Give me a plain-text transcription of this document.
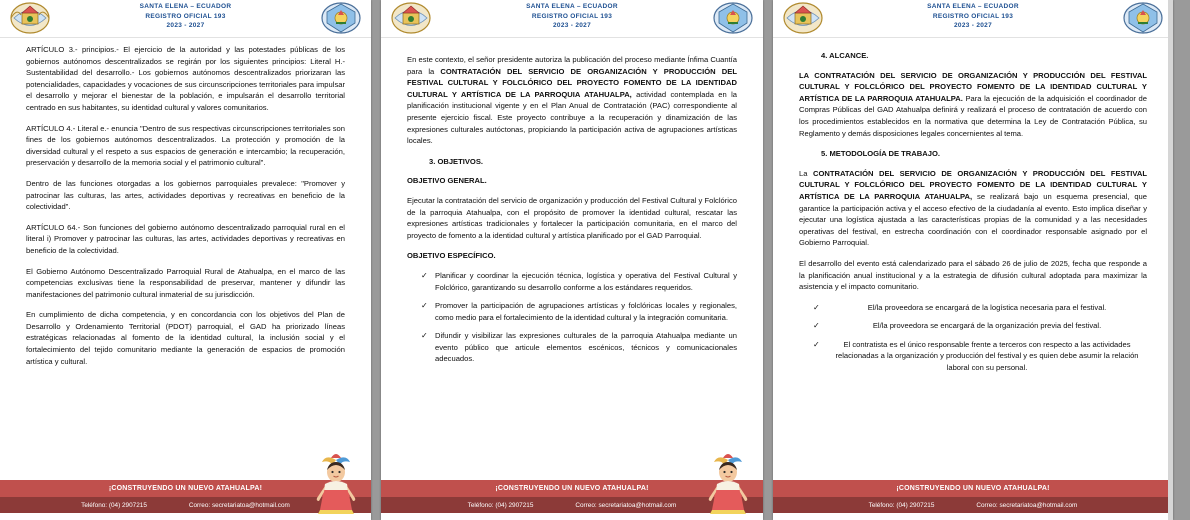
SANTA ELENA – ECUADOR
REGISTRO OFICIAL 193
2023 - 2027

ARTÍCULO 3.- principios.- El ejercicio de la autoridad y las potestades públicas de los gobiernos autónomos descentralizados se regirán por los siguientes principios: Literal H.- Sustentabilidad del desarrollo.- Los gobiernos autónomos descentralizados priorizaran las potencialidades, capacidades y vocaciones de sus circunscripciones territoriales para impulsar el desarrollo y mejorar el bienestar de la población, e impulsarán el desarrollo territorial centrado en sus habitantes, su identidad cultural y valores comunitarios.

ARTÍCULO 4.- Literal e.- enuncia "Dentro de sus respectivas circunscripciones territoriales son fines de los gobiernos autónomos descentralizados. La protección y promoción de la diversidad cultural y el respeto a sus espacios de generación e intercambio; la recuperación, preservación y desarrollo de la memoria social y el patrimonio cultural".

Dentro de las funciones otorgadas a los gobiernos parroquiales prevalece: "Promover y patrocinar las culturas, las artes, actividades deportivas y recreativas en beneficio de la colectividad".

ARTÍCULO 64.- Son funciones del gobierno autónomo descentralizado parroquial rural en el literal i) Promover y patrocinar las culturas, las artes, actividades deportivas y recreativas en beneficio de la colectividad.

El Gobierno Autónomo Descentralizado Parroquial Rural de Atahualpa, en el marco de las competencias exclusivas tiene la responsabilidad de preservar, mantener y difundir las manifestaciones del patrimonio cultural inmaterial de su jurisdicción.

En cumplimiento de dicha competencia, y en concordancia con los objetivos del Plan de Desarrollo y Ordenamiento Territorial (PDOT) parroquial, el GAD ha priorizado líneas estratégicas relacionadas al fomento de la identidad cultural, la inclusión social y el fortalecimiento del tejido comunitario mediante la generación de espacios de promoción artística y cultural.

¡CONSTRUYENDO UN NUEVO ATAHUALPA!
Teléfono: (04) 2907215	Correo: secretariatoa@hotmail.com
SANTA ELENA – ECUADOR
REGISTRO OFICIAL 193
2023 - 2027

En este contexto, el señor presidente autoriza la publicación del proceso mediante Ínfima Cuantía para la CONTRATACIÓN DEL SERVICIO DE ORGANIZACIÓN Y PRODUCCIÓN DEL FESTIVAL CULTURAL Y FOLCLÓRICO DEL PROYECTO FOMENTO DE LA IDENTIDAD CULTURAL Y ARTÍSTICA DE LA PARROQUIA ATAHUALPA, actividad contemplada en la planificación institucional vigente y en el Plan Anual de Contratación (PAC) correspondiente al presente ejercicio fiscal. Este proyecto contribuye a la recuperación y dinamización de las expresiones culturales autóctonas, propiciando la participación activa de agrupaciones artísticas locales.

3. OBJETIVOS.
OBJETIVO GENERAL.

Ejecutar la contratación del servicio de organización y producción del Festival Cultural y Folclórico de la parroquia Atahualpa, con el propósito de promover la identidad cultural, rescatar las expresiones artísticas tradicionales y fortalecer la participación comunitaria, en el marco del proyecto de fomento a la identidad cultural y artística planificado por el GAD Parroquial.

OBJETIVO ESPECÍFICO.
✓ Planificar y coordinar la ejecución técnica, logística y operativa del Festival Cultural y Folclórico, garantizando su desarrollo conforme a los estándares requeridos.
✓ Promover la participación de agrupaciones artísticas y folclóricas locales y regionales, como medio para el fortalecimiento de la identidad cultural y la integración comunitaria.
✓ Difundir y visibilizar las expresiones culturales de la parroquia Atahualpa mediante un evento público que articule elementos escénicos, técnicos y comunicacionales adecuados.
¡CONSTRUYENDO UN NUEVO ATAHUALPA!
Teléfono: (04) 2907215	Correo: secretariatoa@hotmail.com
SANTA ELENA – ECUADOR
REGISTRO OFICIAL 193
2023 - 2027
4. ALCANCE.

LA CONTRATACIÓN DEL SERVICIO DE ORGANIZACIÓN Y PRODUCCIÓN DEL FESTIVAL CULTURAL Y FOLCLÓRICO DEL PROYECTO FOMENTO DE LA IDENTIDAD CULTURAL Y ARTÍSTICA DE LA PARROQUIA ATAHUALPA. Para la ejecución de la adquisición el coordinador de Compras Públicas del GAD Atahualpa definirá y realizará el proceso de contratación de acuerdo con los procedimientos establecidos en la normativa que determina la Ley de Contratación Pública, su Reglamento y demás disposiciones legales concernientes al tema.

5. METODOLOGÍA DE TRABAJO.

La CONTRATACIÓN DEL SERVICIO DE ORGANIZACIÓN Y PRODUCCIÓN DEL FESTIVAL CULTURAL Y FOLCLÓRICO DEL PROYECTO FOMENTO DE LA IDENTIDAD CULTURAL Y ARTÍSTICA DE LA PARROQUIA ATAHUALPA, se realizará bajo un esquema presencial, que garantice la participación activa y el acceso efectivo de la ciudadanía al evento. Esto implica diseñar y ejecutar una logística ajustada a las características propias de la comunidad y a las necesidades operativas del festival, en estrecha coordinación con el coordinador responsable asignado por el Gobierno Parroquial.

El desarrollo del evento está calendarizado para el sábado 26 de julio de 2025, fecha que responde a la planificación anual institucional y a la estrategia de difusión cultural adoptada para maximizar la asistencia y el impacto comunitario.

✓	El/la proveedora se encargará de la logística necesaria para el festival.
✓	El/la proveedora se encargará de la organización previa del festival.
✓	El contratista es el único responsable frente a terceros con respecto a las actividades relacionadas a la organización y producción del festival y es quien debe asumir la relación laboral con su personal.
¡CONSTRUYENDO UN NUEVO ATAHUALPA!
Teléfono: (04) 2907215	Correo: secretariatoa@hotmail.com
